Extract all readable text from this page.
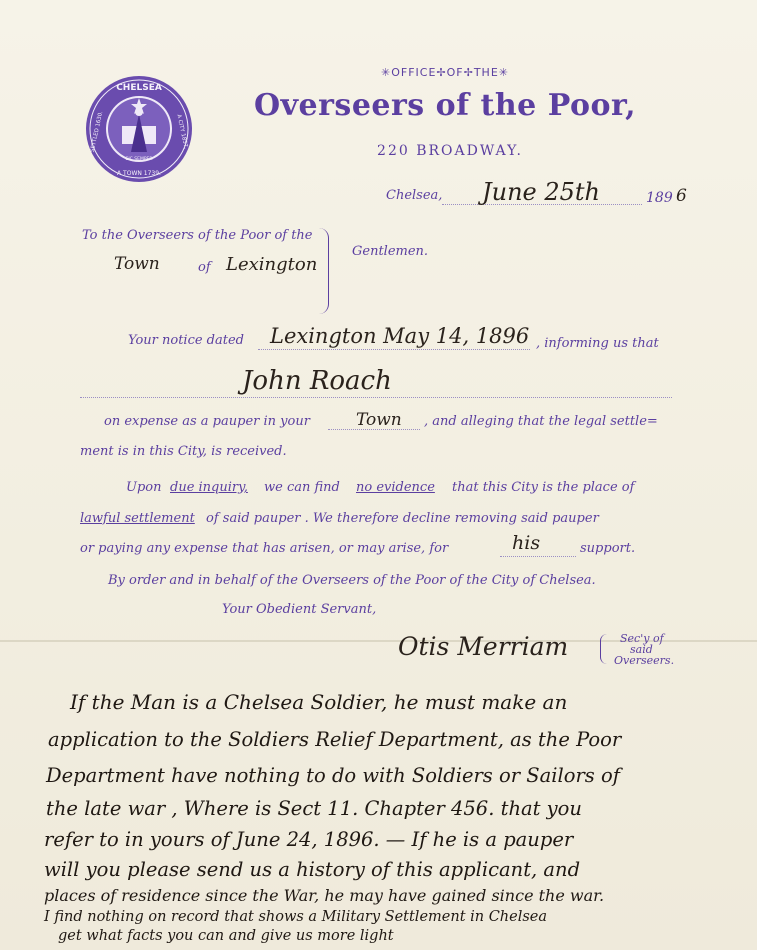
CHELSEA
A TOWN 1739.
SETTLED 1630.	A CITY 1857.
SIC SEMPER
✳OFFICE✢OF✢THE✳
Overseers of the Poor,
220 BROADWAY.
Chelsea, June 25th	189 6
To the Overseers of the Poor of the
Town	of Lexington
Gentlemen.
Your notice dated Lexington May 14, 1896 , informing us that
John Roach
on expense as a pauper in your	Town , and alleging that the legal settle=
ment is in this City, is received.
Upon due inquiry, we can find no evidence that this City is the place of
lawful settlement of said pauper . We therefore decline removing said pauper
or paying any expense that has arisen, or may arise, for	his	support.
By order and in behalf of the Overseers of the Poor of the City of Chelsea.
Your Obedient Servant,
Otis Merriam	Sec'y of
said
Overseers.
If the Man is a Chelsea Soldier, he must make an
application to the Soldiers Relief Department, as the Poor
Department have nothing to do with Soldiers or Sailors of
the late war , Where is Sect 11. Chapter 456. that you
refer to in yours of June 24, 1896. — If he is a pauper
will you please send us a history of this applicant, and
places of residence since the War, he may have gained since the war.
I find nothing on record that shows a Military Settlement in Chelsea
get what facts you can and give us more light
